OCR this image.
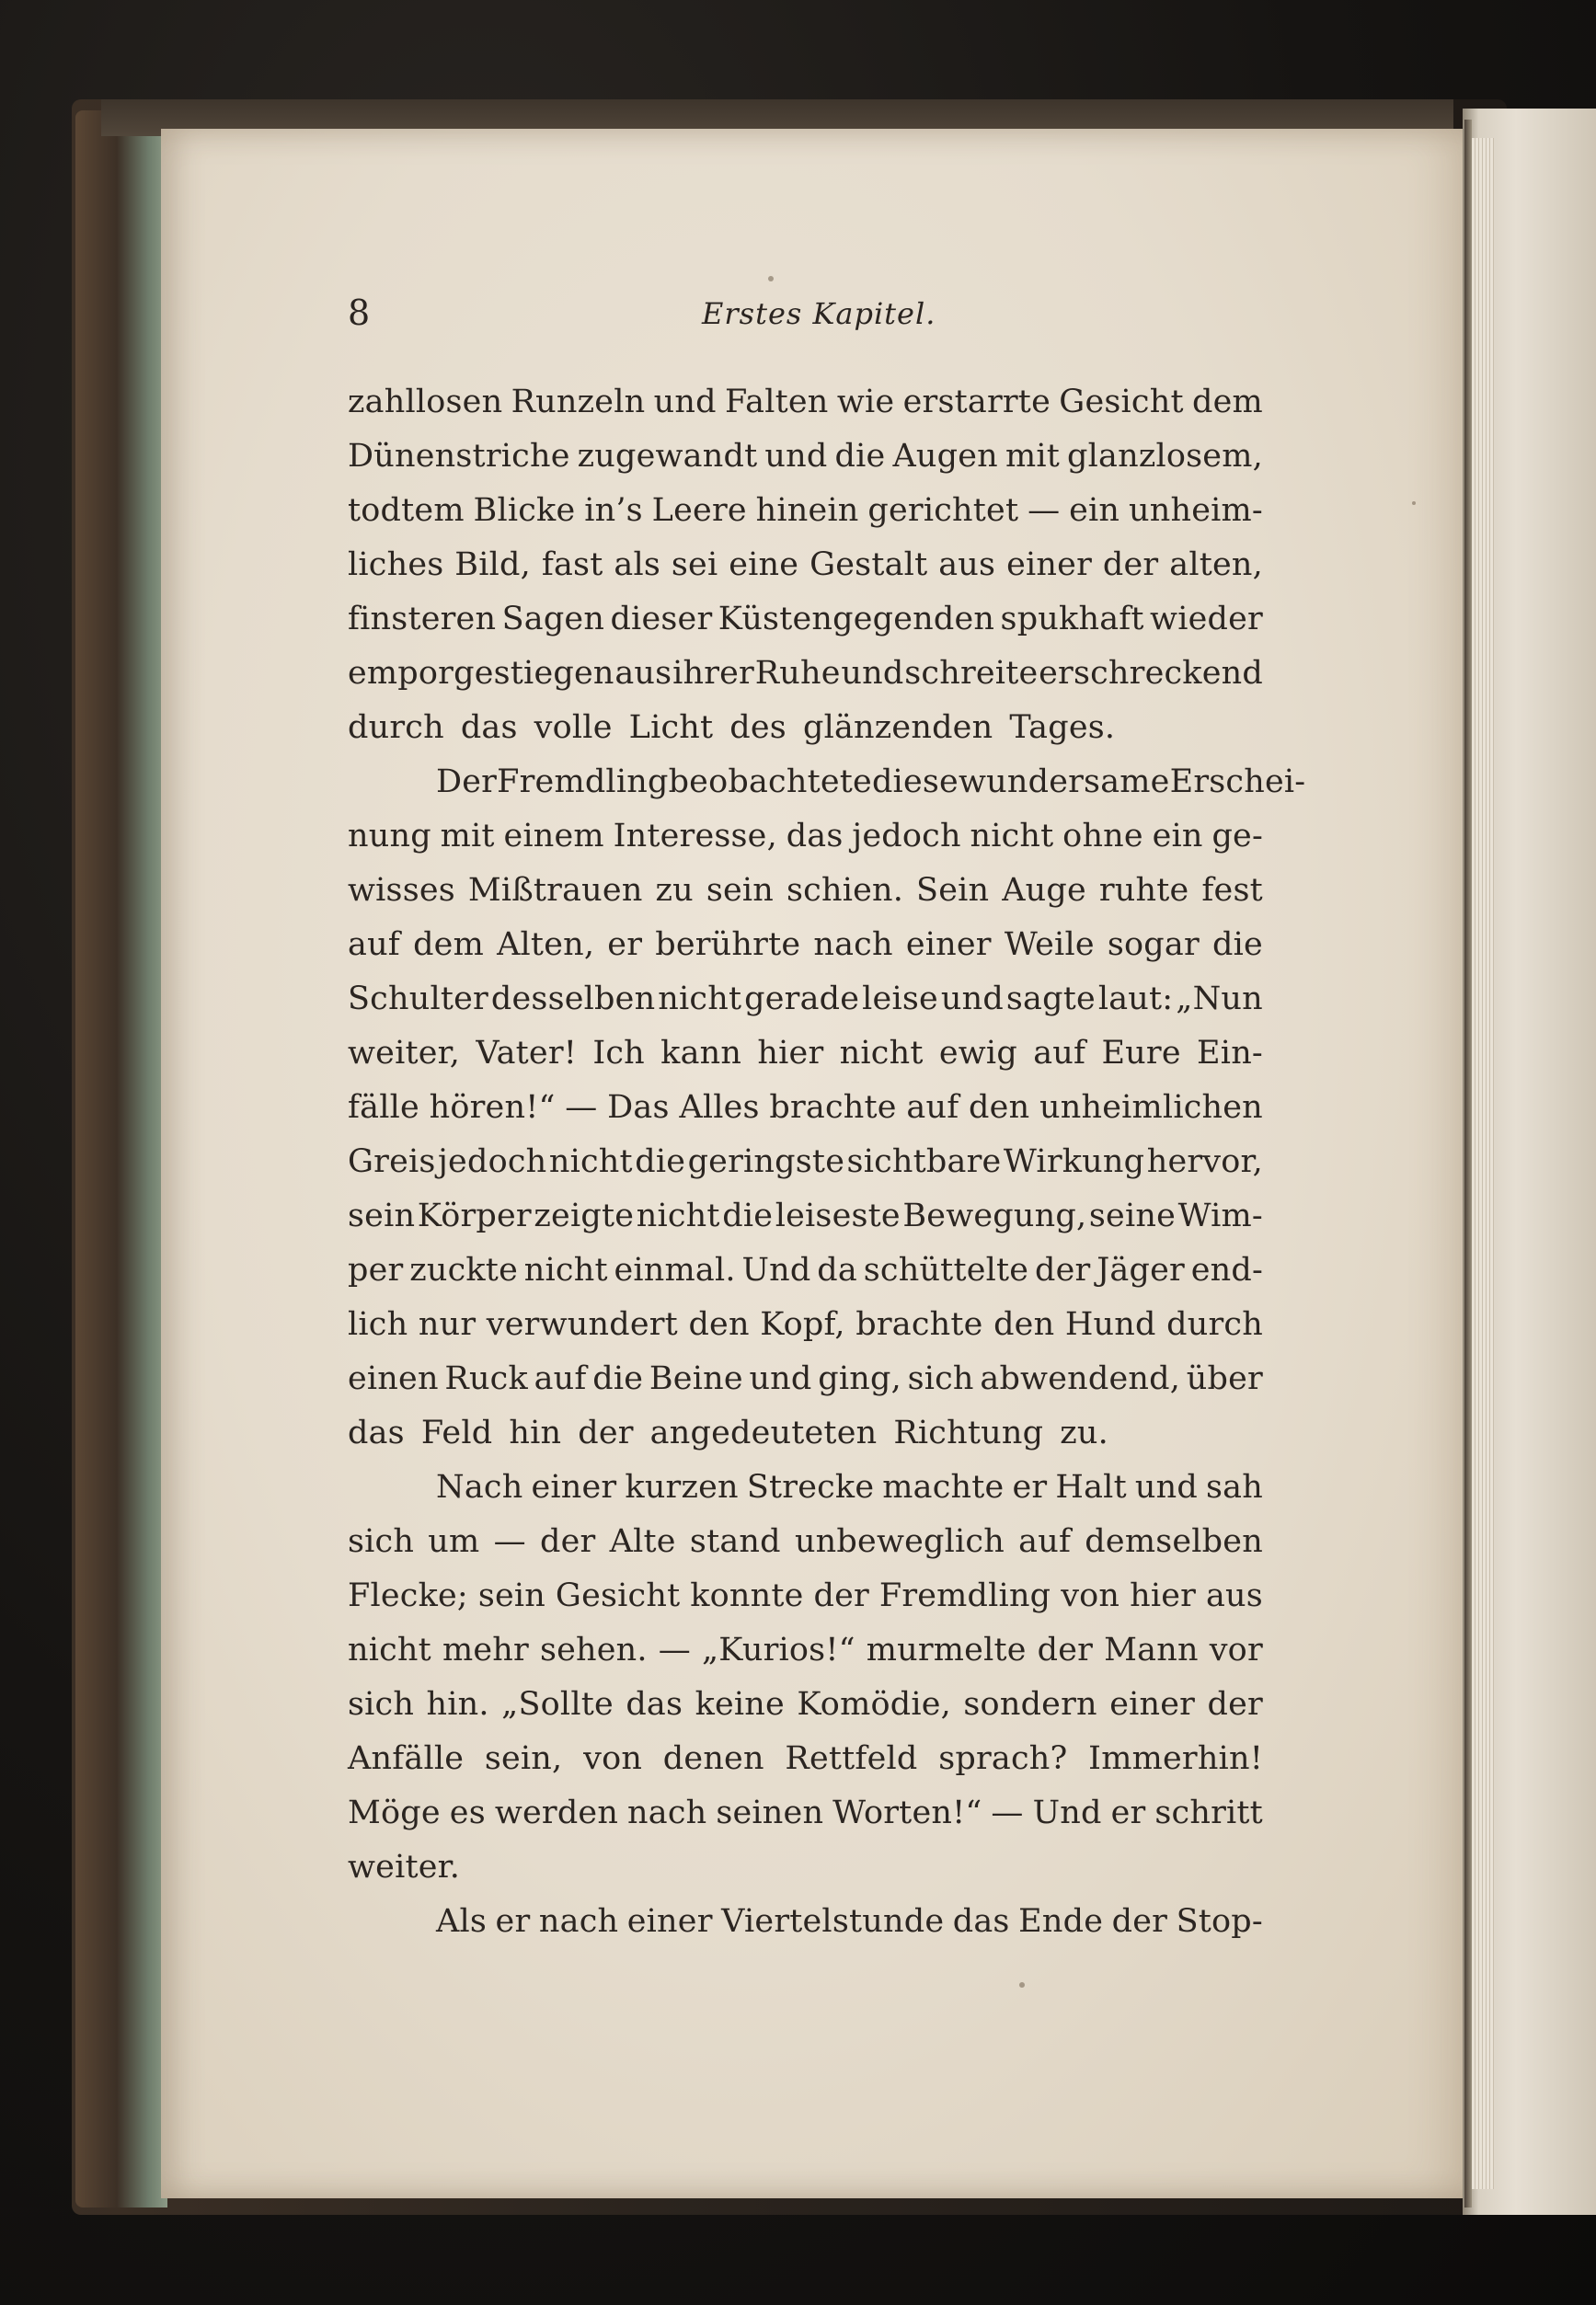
8	Erstes Kapitel.
zahllosen Runzeln und Falten wie erstarrte Gesicht dem
Dünenstriche zugewandt und die Augen mit glanzlosem,
todtem Blicke in’s Leere hinein gerichtet — ein unheim-
liches Bild, fast als sei eine Gestalt aus einer der alten,
finsteren Sagen dieser Küstengegenden spukhaft wieder
emporgestiegen aus ihrer Ruhe und schreite erschreckend
durch das volle Licht des glänzenden Tages.
Der Fremdling beobachtete diese wundersame Erschei-
nung mit einem Interesse, das jedoch nicht ohne ein ge-
wisses Mißtrauen zu sein schien. Sein Auge ruhte fest
auf dem Alten, er berührte nach einer Weile sogar die
Schulter desselben nicht gerade leise und sagte laut: „Nun
weiter, Vater! Ich kann hier nicht ewig auf Eure Ein-
fälle hören!“ — Das Alles brachte auf den unheimlichen
Greis jedoch nicht die geringste sichtbare Wirkung hervor,
sein Körper zeigte nicht die leiseste Bewegung, seine Wim-
per zuckte nicht einmal. Und da schüttelte der Jäger end-
lich nur verwundert den Kopf, brachte den Hund durch
einen Ruck auf die Beine und ging, sich abwendend, über
das Feld hin der angedeuteten Richtung zu.
Nach einer kurzen Strecke machte er Halt und sah
sich um — der Alte stand unbeweglich auf demselben
Flecke; sein Gesicht konnte der Fremdling von hier aus
nicht mehr sehen. — „Kurios!“ murmelte der Mann vor
sich hin. „Sollte das keine Komödie, sondern einer der
Anfälle sein, von denen Rettfeld sprach? Immerhin!
Möge es werden nach seinen Worten!“ — Und er schritt
weiter.
Als er nach einer Viertelstunde das Ende der Stop-
